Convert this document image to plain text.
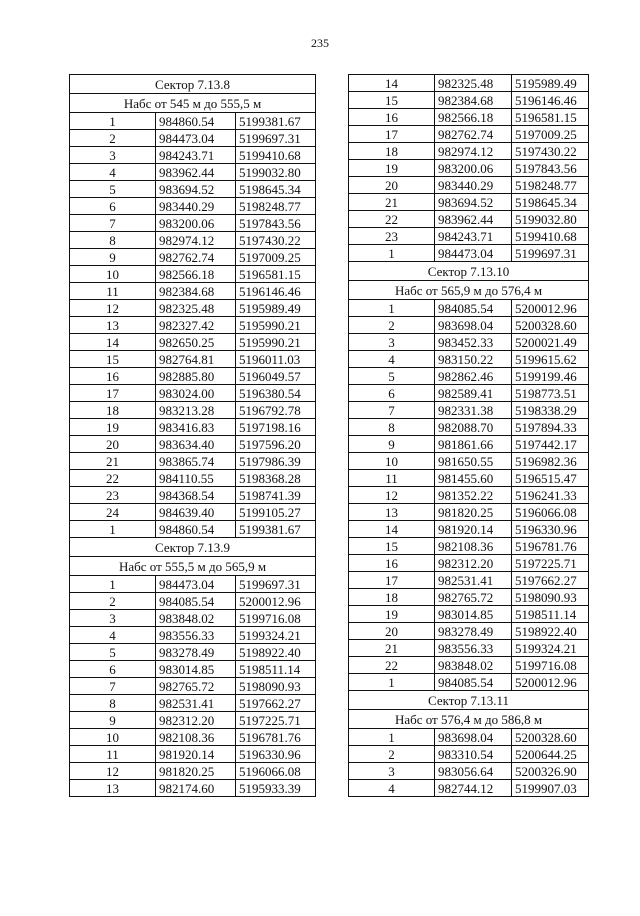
235
Сектор 7.13.8		
Набс от 545 м до 555,5 м		
1	984860.54	5199381.67
2	984473.04	5199697.31
3	984243.71	5199410.68
4	983962.44	5199032.80
5	983694.52	5198645.34
6	983440.29	5198248.77
7	983200.06	5197843.56
8	982974.12	5197430.22
9	982762.74	5197009.25
10	982566.18	5196581.15
11	982384.68	5196146.46
12	982325.48	5195989.49
13	982327.42	5195990.21
14	982650.25	5195990.21
15	982764.81	5196011.03
16	982885.80	5196049.57
17	983024.00	5196380.54
18	983213.28	5196792.78
19	983416.83	5197198.16
20	983634.40	5197596.20
21	983865.74	5197986.39
22	984110.55	5198368.28
23	984368.54	5198741.39
24	984639.40	5199105.27
1	984860.54	5199381.67
Сектор 7.13.9		
Набс от 555,5 м до 565,9 м		
1	984473.04	5199697.31
2	984085.54	5200012.96
3	983848.02	5199716.08
4	983556.33	5199324.21
5	983278.49	5198922.40
6	983014.85	5198511.14
7	982765.72	5198090.93
8	982531.41	5197662.27
9	982312.20	5197225.71
10	982108.36	5196781.76
11	981920.14	5196330.96
12	981820.25	5196066.08
13	982174.60	5195933.39
14	982325.48	5195989.49
15	982384.68	5196146.46
16	982566.18	5196581.15
17	982762.74	5197009.25
18	982974.12	5197430.22
19	983200.06	5197843.56
20	983440.29	5198248.77
21	983694.52	5198645.34
22	983962.44	5199032.80
23	984243.71	5199410.68
1	984473.04	5199697.31
Сектор 7.13.10		
Набс от 565,9 м до 576,4 м		
1	984085.54	5200012.96
2	983698.04	5200328.60
3	983452.33	5200021.49
4	983150.22	5199615.62
5	982862.46	5199199.46
6	982589.41	5198773.51
7	982331.38	5198338.29
8	982088.70	5197894.33
9	981861.66	5197442.17
10	981650.55	5196982.36
11	981455.60	5196515.47
12	981352.22	5196241.33
13	981820.25	5196066.08
14	981920.14	5196330.96
15	982108.36	5196781.76
16	982312.20	5197225.71
17	982531.41	5197662.27
18	982765.72	5198090.93
19	983014.85	5198511.14
20	983278.49	5198922.40
21	983556.33	5199324.21
22	983848.02	5199716.08
1	984085.54	5200012.96
Сектор 7.13.11		
Набс от 576,4 м до 586,8 м		
1	983698.04	5200328.60
2	983310.54	5200644.25
3	983056.64	5200326.90
4	982744.12	5199907.03
